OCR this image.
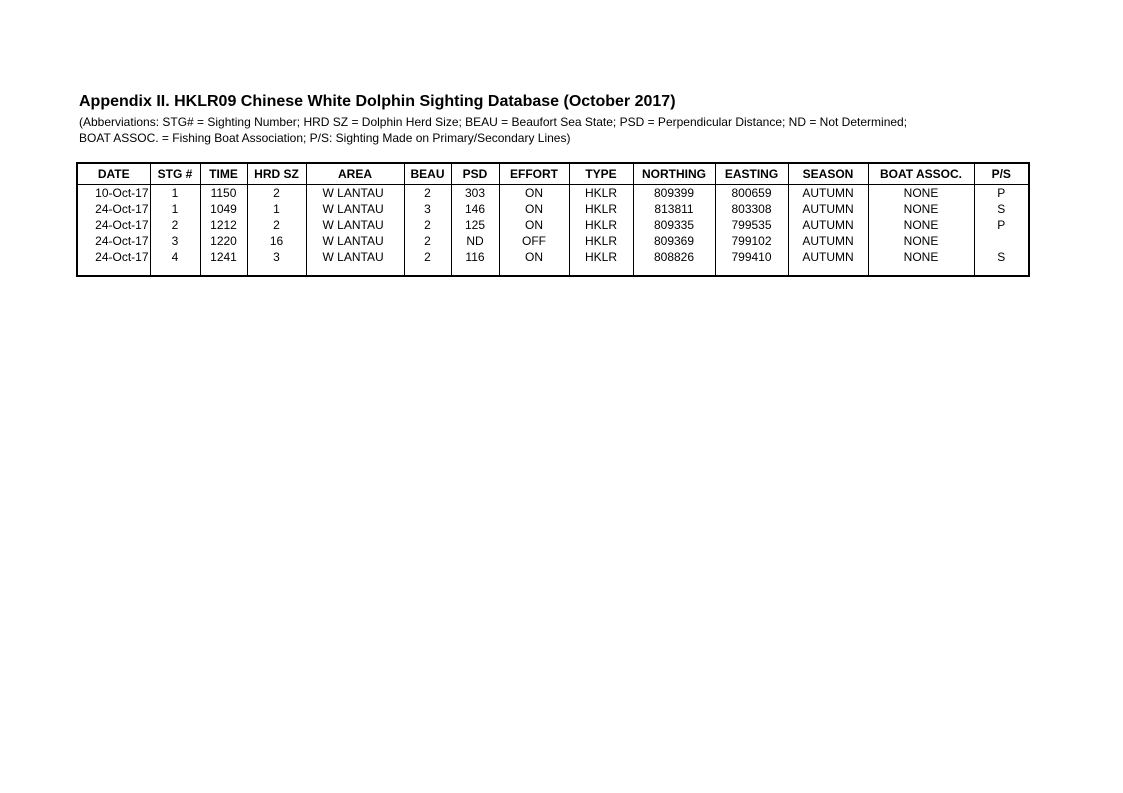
Appendix II. HKLR09 Chinese White Dolphin Sighting Database (October 2017)
(Abberviations: STG# = Sighting Number; HRD SZ = Dolphin Herd Size; BEAU = Beaufort Sea State; PSD = Perpendicular Distance; ND = Not Determined;
BOAT ASSOC. = Fishing Boat Association; P/S: Sighting Made on Primary/Secondary Lines)
DATE	STG #	TIME	HRD SZ	AREA	BEAU	PSD	EFFORT	TYPE	NORTHING	EASTING	SEASON	BOAT ASSOC.	P/S
10-Oct-17	1	1150	2	W LANTAU	2	303	ON	HKLR	809399	800659	AUTUMN	NONE	P
24-Oct-17	1	1049	1	W LANTAU	3	146	ON	HKLR	813811	803308	AUTUMN	NONE	S
24-Oct-17	2	1212	2	W LANTAU	2	125	ON	HKLR	809335	799535	AUTUMN	NONE	P
24-Oct-17	3	1220	16	W LANTAU	2	ND	OFF	HKLR	809369	799102	AUTUMN	NONE	
24-Oct-17	4	1241	3	W LANTAU	2	116	ON	HKLR	808826	799410	AUTUMN	NONE	S
